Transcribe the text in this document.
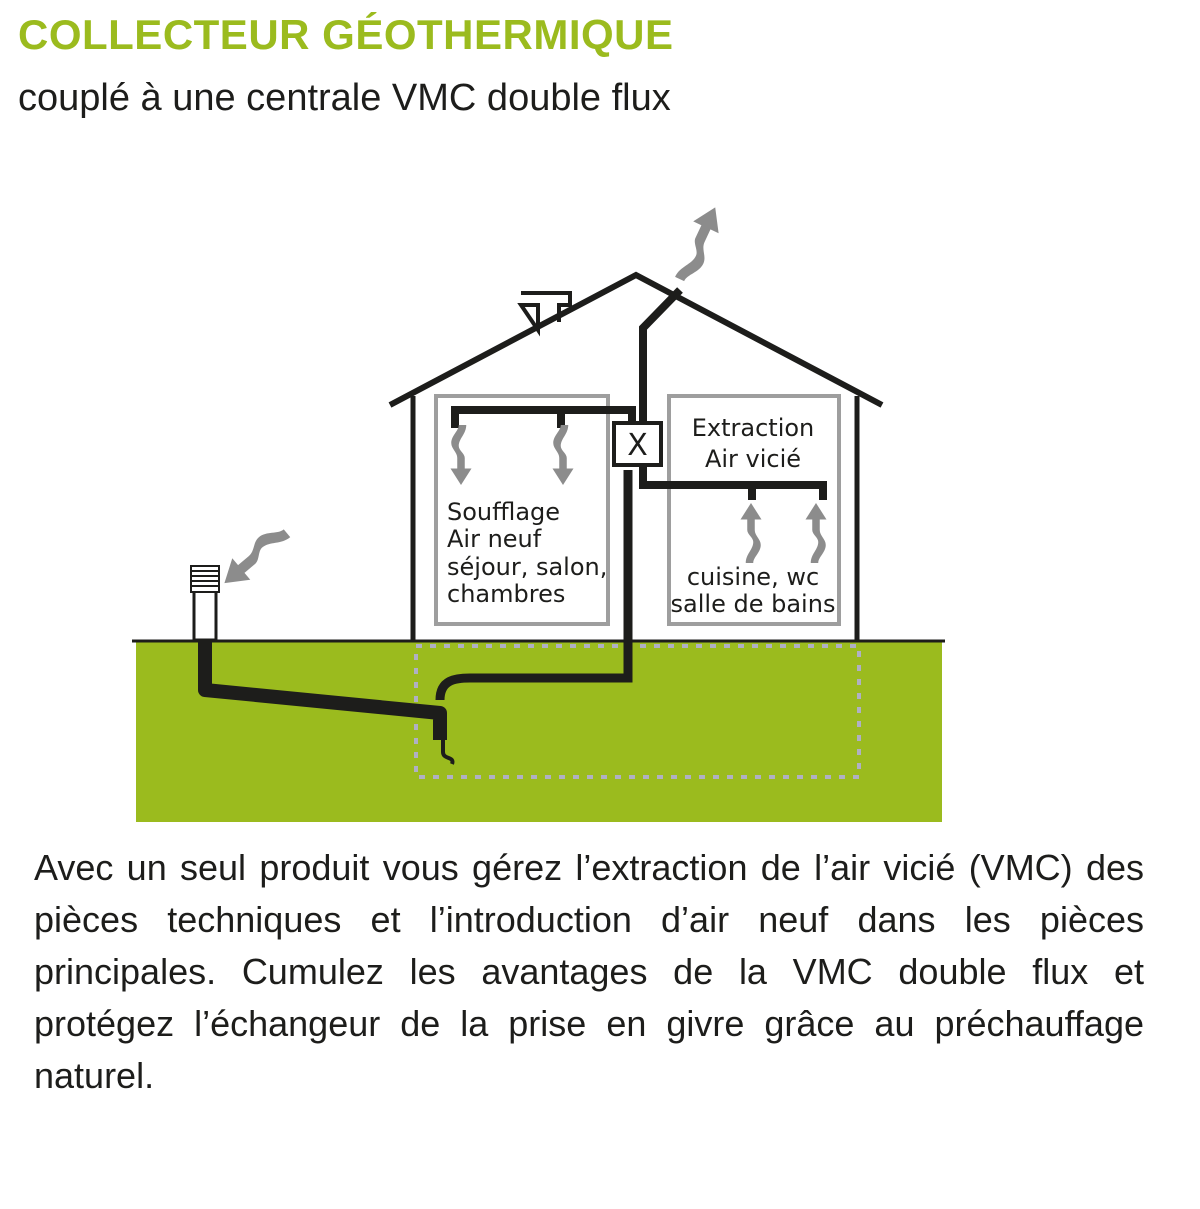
COLLECTEUR GÉOTHERMIQUE
couplé à une centrale VMC double flux
X
Soufflage
Air neuf
séjour, salon,
chambres
Extraction
Air vicié
cuisine, wc
salle de bains

Avec un seul produit vous gérez l’extraction de l’air vicié (VMC) des pièces techniques et l’introduction d’air neuf dans les pièces principales. Cumulez les avantages de la VMC double flux et protégez l’échangeur de la prise en givre grâce au préchauffage naturel.
